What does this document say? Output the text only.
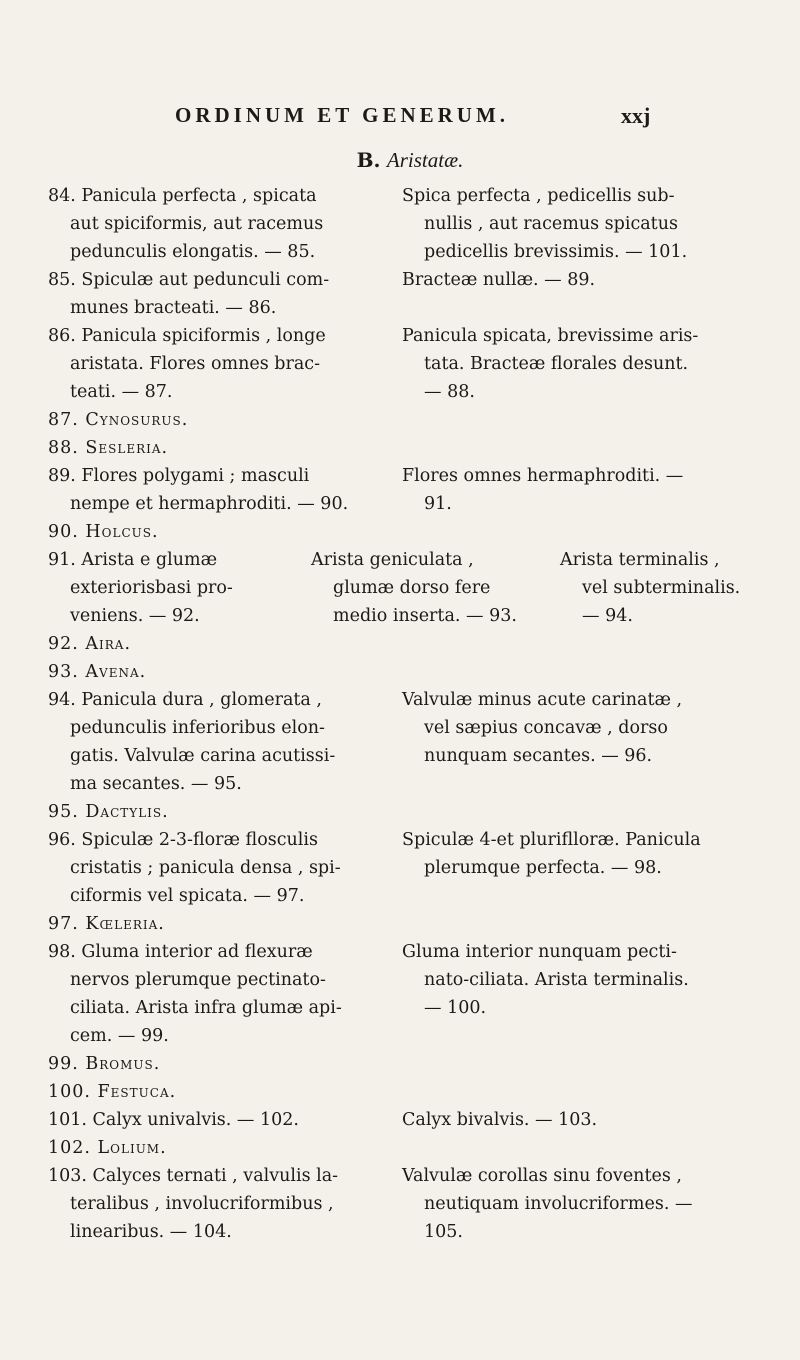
ORDINUM ET GENERUM.	xxj
B. Aristatæ.
84. Panicula perfecta , spicata
aut spiciformis, aut racemus
pedunculis elongatis. — 85.
Spica perfecta , pedicellis sub-
nullis , aut racemus spicatus
pedicellis brevissimis. — 101.
85. Spiculæ aut pedunculi com-
munes bracteati. — 86.
Bracteæ nullæ. — 89.
86. Panicula spiciformis , longe
aristata. Flores omnes brac-
teati. — 87.
Panicula spicata, brevissime aris-
tata. Bracteæ florales desunt.
— 88.
87. Cynosurus.
88. Sesleria.
89. Flores polygami ; masculi
nempe et hermaphroditi. — 90.
Flores omnes hermaphroditi. —
91.
90. Holcus.
91. Arista e glumæ
exteriorisbasi pro-
veniens. — 92.
Arista geniculata ,
glumæ dorso fere
medio inserta. — 93.
Arista terminalis ,
vel subterminalis.
— 94.
92. Aira.
93. Avena.
94. Panicula dura , glomerata ,
pedunculis inferioribus elon-
gatis. Valvulæ carina acutissi-
ma secantes. — 95.
Valvulæ minus acute carinatæ ,
vel sæpius concavæ , dorso
nunquam secantes. — 96.
95. Dactylis.
96. Spiculæ 2-3-floræ flosculis
cristatis ; panicula densa , spi-
ciformis vel spicata. — 97.
Spiculæ 4-et pluriflloræ. Panicula
plerumque perfecta. — 98.
97. Kœleria.
98. Gluma interior ad flexuræ
nervos plerumque pectinato-
ciliata. Arista infra glumæ api-
cem. — 99.
Gluma interior nunquam pecti-
nato-ciliata. Arista terminalis.
— 100.
99. Bromus.
100. Festuca.
101. Calyx univalvis. — 102.	Calyx bivalvis. — 103.
102. Lolium.
103. Calyces ternati , valvulis la-
teralibus , involucriformibus ,
linearibus. — 104.
Valvulæ corollas sinu foventes ,
neutiquam involucriformes. —
105.
